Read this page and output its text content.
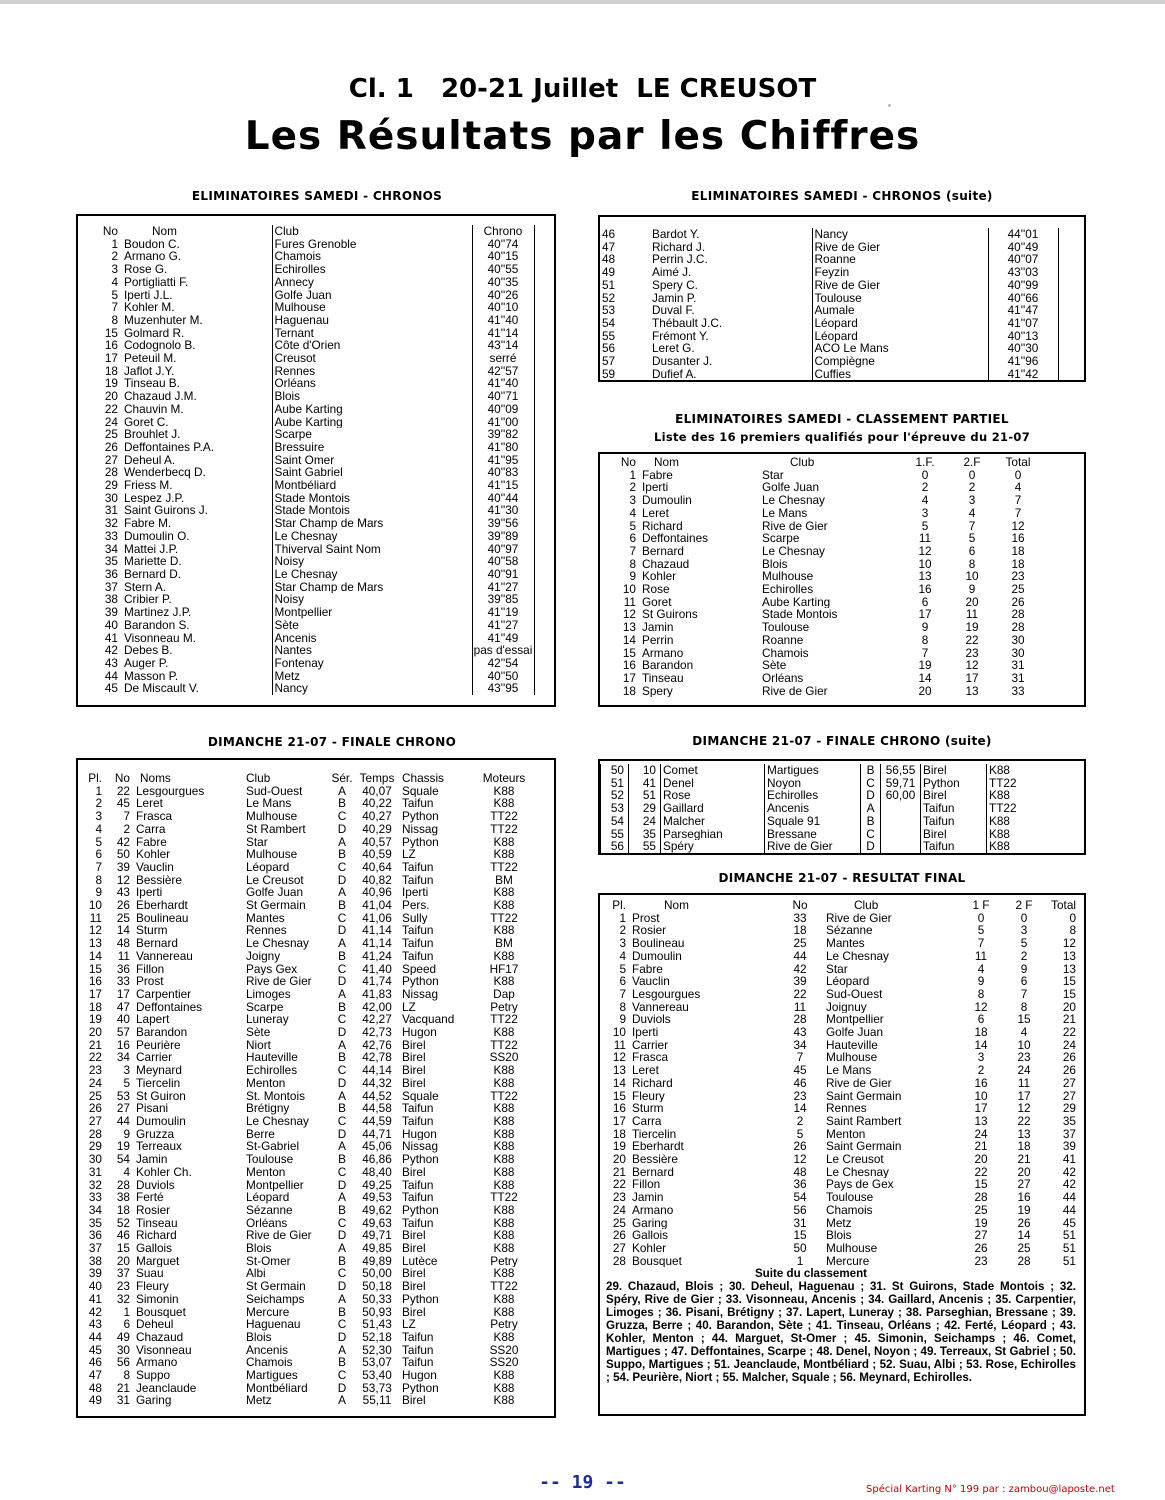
Cl. 1   20-21 Juillet  LE CREUSOT
Les Résultats par les Chiffres
ELIMINATOIRES SAMEDI - CHRONOS	ELIMINATOIRES SAMEDI - CHRONOS (suite)
ELIMINATOIRES SAMEDI - CLASSEMENT PARTIEL
Liste des 16 premiers qualifiés pour l'épreuve du 21-07
DIMANCHE 21-07 - FINALE CHRONO	DIMANCHE 21-07 - FINALE CHRONO (suite)
DIMANCHE 21-07 - RESULTAT FINAL
No	Nom	Club	Chrono	
1	Boudon C.	Fures Grenoble	40''74	
2	Armano G.	Chamois	40''15	
3	Rose G.	Echirolles	40''55	
4	Portigliatti F.	Annecy	40''35	
5	Iperti J.L.	Golfe Juan	40''26	
7	Kohler M.	Mulhouse	40''10	
8	Muzenhuter M.	Haguenau	41''40	
15	Golmard R.	Ternant	41''14	
16	Codognolo B.	Côte d'Orien	43''14	
17	Peteuil M.	Creusot	serré	
18	Jaflot J.Y.	Rennes	42''57	
19	Tinseau B.	Orléans	41''40	
20	Chazaud J.M.	Blois	40''71	
22	Chauvin M.	Aube Karting	40''09	
24	Goret C.	Aube Karting	41''00	
25	Brouhlet J.	Scarpe	39''82	
26	Deffontaines P.A.	Bressuire	41''80	
27	Deheul A.	Saint Omer	41''95	
28	Wenderbecq D.	Saint Gabriel	40''83	
29	Friess M.	Montbéliard	41''15	
30	Lespez J.P.	Stade Montois	40''44	
31	Saint Guirons J.	Stade Montois	41''30	
32	Fabre M.	Star Champ de Mars	39''56	
33	Dumoulin O.	Le Chesnay	39''89	
34	Mattei J.P.	Thiverval Saint Nom	40''97	
35	Mariette D.	Noisy	40''58	
36	Bernard D.	Le Chesnay	40''91	
37	Stern A.	Star Champ de Mars	41''27	
38	Cribier P.	Noisy	39''85	
39	Martinez J.P.	Montpellier	41''19	
40	Barandon S.	Sète	41''27	
41	Visonneau M.	Ancenis	41''49	
42	Debes B.	Nantes	pas d'essai	
43	Auger P.	Fontenay	42''54	
44	Masson P.	Metz	40''50	
45	De Miscault V.	Nancy	43''95	
46	Bardot Y.	Nancy	44''01	
47	Richard J.	Rive de Gier	40''49	
48	Perrin J.C.	Roanne	40''07	
49	Aimé J.	Feyzin	43''03	
51	Spery C.	Rive de Gier	40''99	
52	Jamin P.	Toulouse	40''66	
53	Duval F.	Aumale	41''47	
54	Thébault J.C.	Léopard	41''07	
55	Frémont Y.	Léopard	40''13	
56	Leret G.	ACO Le Mans	40''30	
57	Dusanter J.	Compiègne	41''96	
59	Dufief A.	Cuffies	41''42	
No	Nom	Club	1.F.	2.F	Total
1	Fabre	Star	0	0	0
2	Iperti	Golfe Juan	2	2	4
3	Dumoulin	Le Chesnay	4	3	7
4	Leret	Le Mans	3	4	7
5	Richard	Rive de Gier	5	7	12
6	Deffontaines	Scarpe	11	5	16
7	Bernard	Le Chesnay	12	6	18
8	Chazaud	Blois	10	8	18
9	Kohler	Mulhouse	13	10	23
10	Rose	Echirolles	16	9	25
11	Goret	Aube Karting	6	20	26
12	St Guirons	Stade Montois	17	11	28
13	Jamin	Toulouse	9	19	28
14	Perrin	Roanne	8	22	30
15	Armano	Chamois	7	23	30
16	Barandon	Sète	19	12	31
17	Tinseau	Orléans	14	17	31
18	Spery	Rive de Gier	20	13	33
Pl.	No	Noms	Club	Sér.	Temps	Chassis	Moteurs
1	22	Lesgourgues	Sud-Ouest	A	40,07	Squale	K88
2	45	Leret	Le Mans	B	40,22	Taifun	K88
3	7	Frasca	Mulhouse	C	40,27	Python	TT22
4	2	Carra	St Rambert	D	40,29	Nissag	TT22
5	42	Fabre	Star	A	40,57	Python	K88
6	50	Kohler	Mulhouse	B	40,59	LZ	K88
7	39	Vauclin	Léopard	C	40,64	Taifun	TT22
8	12	Bessière	Le Creusot	D	40,82	Taifun	BM
9	43	Iperti	Golfe Juan	A	40,96	Iperti	K88
10	26	Eberhardt	St Germain	B	41,04	Pers.	K88
11	25	Boulineau	Mantes	C	41,06	Sully	TT22
12	14	Sturm	Rennes	D	41,14	Taifun	K88
13	48	Bernard	Le Chesnay	A	41,14	Taifun	BM
14	11	Vannereau	Joigny	B	41,24	Taifun	K88
15	36	Fillon	Pays Gex	C	41,40	Speed	HF17
16	33	Prost	Rive de Gier	D	41,74	Python	K88
17	17	Carpentier	Limoges	A	41,83	Nissag	Dap
18	47	Deffontaines	Scarpe	B	42,00	LZ	Petry
19	40	Lapert	Luneray	C	42,27	Vacquand	TT22
20	57	Barandon	Sète	D	42,73	Hugon	K88
21	16	Peurière	Niort	A	42,76	Birel	TT22
22	34	Carrier	Hauteville	B	42,78	Birel	SS20
23	3	Meynard	Echirolles	C	44,14	Birel	K88
24	5	Tiercelin	Menton	D	44,32	Birel	K88
25	53	St Guiron	St. Montois	A	44,52	Squale	TT22
26	27	Pisani	Brétigny	B	44,58	Taifun	K88
27	44	Dumoulin	Le Chesnay	C	44,59	Taifun	K88
28	9	Gruzza	Berre	D	44,71	Hugon	K88
29	19	Terreaux	St-Gabriel	A	45,06	Nissag	K88
30	54	Jamin	Toulouse	B	46,86	Python	K88
31	4	Kohler Ch.	Menton	C	48,40	Birel	K88
32	28	Duviols	Montpellier	D	49,25	Taifun	K88
33	38	Ferté	Léopard	A	49,53	Taifun	TT22
34	18	Rosier	Sézanne	B	49,62	Python	K88
35	52	Tinseau	Orléans	C	49,63	Taifun	K88
36	46	Richard	Rive de Gier	D	49,71	Birel	K88
37	15	Gallois	Blois	A	49,85	Birel	K88
38	20	Marguet	St-Omer	B	49,89	Lutèce	Petry
39	37	Suau	Albi	C	50,00	Birel	K88
40	23	Fleury	St Germain	D	50,18	Birel	TT22
41	32	Simonin	Seichamps	A	50,33	Python	K88
42	1	Bousquet	Mercure	B	50,93	Birel	K88
43	6	Deheul	Haguenau	C	51,43	LZ	Petry
44	49	Chazaud	Blois	D	52,18	Taifun	K88
45	30	Visonneau	Ancenis	A	52,30	Taifun	SS20
46	56	Armano	Chamois	B	53,07	Taifun	SS20
47	8	Suppo	Martigues	C	53,40	Hugon	K88
48	21	Jeanclaude	Montbéliard	D	53,73	Python	K88
49	31	Garing	Metz	A	55,11	Birel	K88
50	10	Comet	Martigues	B	56,55	Birel	K88
51	41	Denel	Noyon	C	59,71	Python	TT22
52	51	Rose	Echirolles	D	60,00	Birel	K88
53	29	Gaillard	Ancenis	A		Taifun	TT22
54	24	Malcher	Squale 91	B		Taifun	K88
55	35	Parseghian	Bressane	C		Birel	K88
56	55	Spéry	Rive de Gier	D		Taifun	K88
Pl.	Nom	No	Club	1 F	2 F	Total
1	Prost	33	Rive de Gier	0	0	0
2	Rosier	18	Sézanne	5	3	8
3	Boulineau	25	Mantes	7	5	12
4	Dumoulin	44	Le Chesnay	11	2	13
5	Fabre	42	Star	4	9	13
6	Vauclin	39	Léopard	9	6	15
7	Lesgourgues	22	Sud-Ouest	8	7	15
8	Vannereau	11	Joignuy	12	8	20
9	Duviols	28	Montpellier	6	15	21
10	Iperti	43	Golfe Juan	18	4	22
11	Carrier	34	Hauteville	14	10	24
12	Frasca	7	Mulhouse	3	23	26
13	Leret	45	Le Mans	2	24	26
14	Richard	46	Rive de Gier	16	11	27
15	Fleury	23	Saint Germain	10	17	27
16	Sturm	14	Rennes	17	12	29
17	Carra	2	Saint Rambert	13	22	35
18	Tiercelin	5	Menton	24	13	37
19	Eberhardt	26	Saint Germain	21	18	39
20	Bessière	12	Le Creusot	20	21	41
21	Bernard	48	Le Chesnay	22	20	42
22	Fillon	36	Pays de Gex	15	27	42
23	Jamin	54	Toulouse	28	16	44
24	Armano	56	Chamois	25	19	44
25	Garing	31	Metz	19	26	45
26	Gallois	15	Blois	27	14	51
27	Kohler	50	Mulhouse	26	25	51
28	Bousquet	1	Mercure	23	28	51
Suite du classement
29. Chazaud, Blois ; 30. Deheul, Haguenau ; 31. St Guirons, Stade Montois ; 32. Spéry, Rive de Gier ; 33. Visonneau, Ancenis ; 34. Gaillard, Ancenis ; 35. Carpentier, Limoges ; 36. Pisani, Brétigny ; 37. Lapert, Luneray ; 38. Parseghian, Bressane ; 39. Gruzza, Berre ; 40. Barandon, Sète ; 41. Tinseau, Orléans ; 42. Ferté, Léopard ; 43. Kohler, Menton ; 44. Marguet, St-Omer ; 45. Simonin, Seichamps ; 46. Comet, Martigues ; 47. Deffontaines, Scarpe ; 48. Denel, Noyon ; 49. Terreaux, St Gabriel ; 50. Suppo, Martigues ; 51. Jeanclaude, Montbéliard ; 52. Suau, Albi ; 53. Rose, Echirolles ; 54. Peurière, Niort ; 55. Malcher, Squale ; 56. Meynard, Echirolles.
-- 19 --	Spécial Karting N° 199 par : zambou@laposte.net
